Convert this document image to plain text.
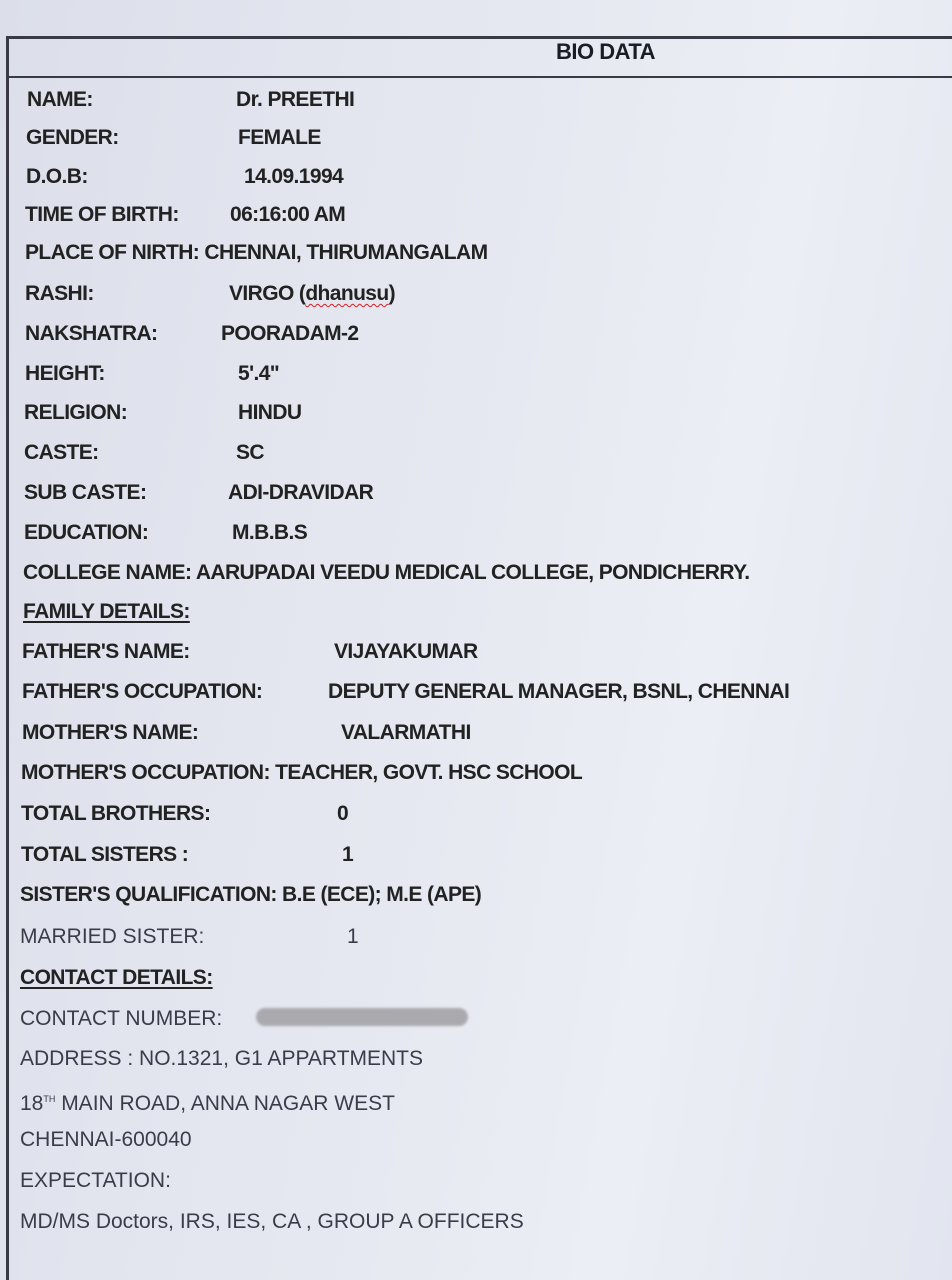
BIO DATA
NAME:	Dr. PREETHI
GENDER:	FEMALE
D.O.B:	14.09.1994
TIME OF BIRTH: 06:16:00 AM
PLACE OF NIRTH: CHENNAI, THIRUMANGALAM
RASHI:	VIRGO (dhanusu)
NAKSHATRA:	POORADAM-2
HEIGHT:	5'.4"
RELIGION:	HINDU
CASTE:	SC
SUB CASTE:	ADI-DRAVIDAR
EDUCATION:	M.B.B.S
COLLEGE NAME: AARUPADAI VEEDU MEDICAL COLLEGE, PONDICHERRY.
FAMILY DETAILS:
FATHER'S NAME:	VIJAYAKUMAR
FATHER'S OCCUPATION:	DEPUTY GENERAL MANAGER, BSNL, CHENNAI
MOTHER'S NAME:	VALARMATHI
MOTHER'S OCCUPATION: TEACHER, GOVT. HSC SCHOOL
TOTAL BROTHERS:	0
TOTAL SISTERS :	1
SISTER'S QUALIFICATION: B.E (ECE); M.E (APE)
MARRIED SISTER:	1
CONTACT DETAILS:
CONTACT NUMBER:
ADDRESS : NO.1321, G1 APPARTMENTS
18TH MAIN ROAD, ANNA NAGAR WEST
CHENNAI-600040
EXPECTATION:
MD/MS Doctors, IRS, IES, CA , GROUP A OFFICERS
